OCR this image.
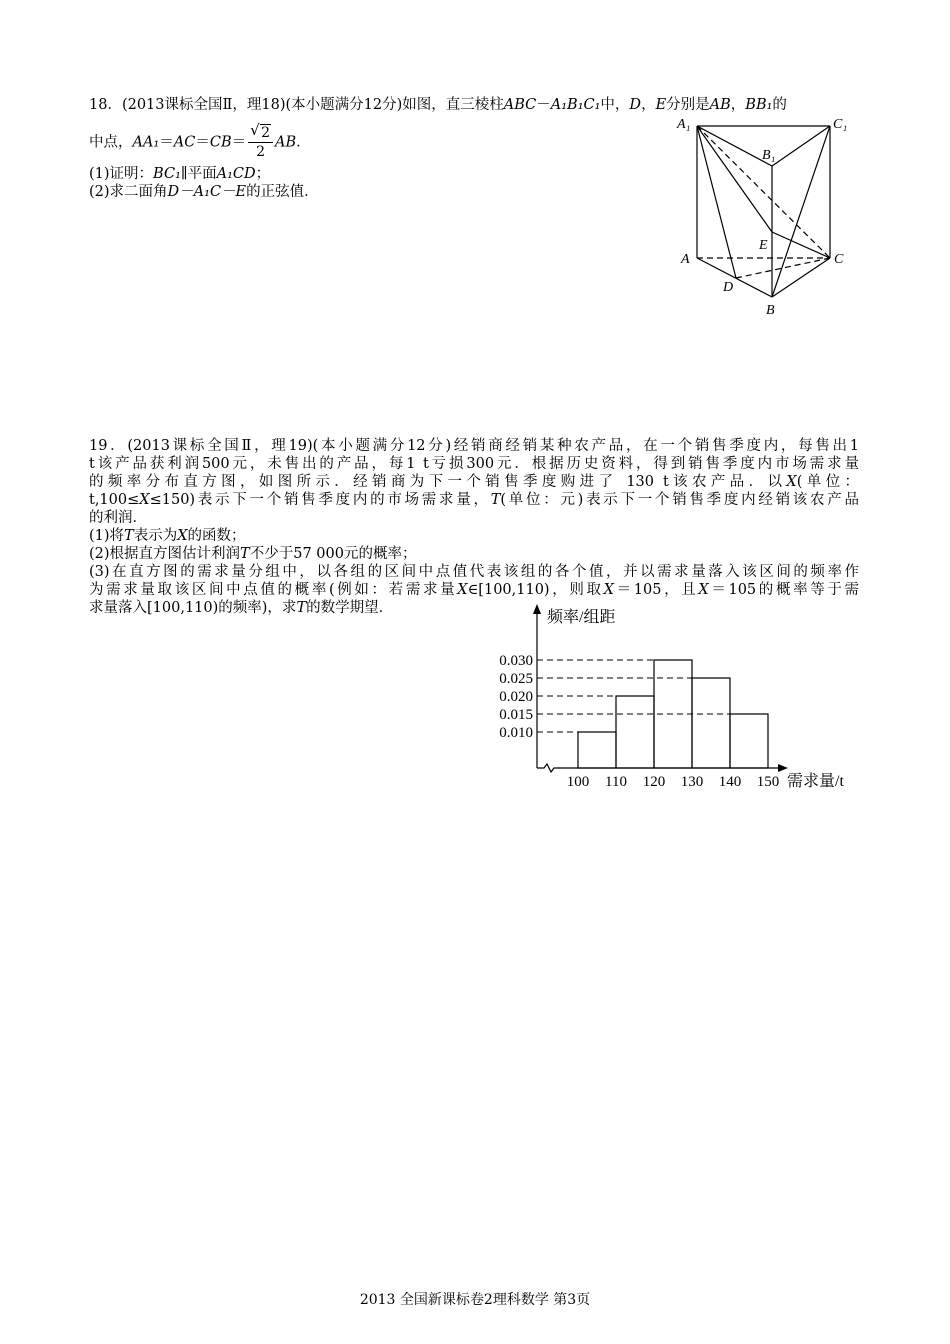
18．(2013课标全国Ⅱ，理18)(本小题满分12分)如图，直三棱柱ABC－A₁B₁C₁中，D，E分别是AB，BB₁的
中点，$AA_1=AC=CB= \frac{√ 2}{2}$ AB．
(1)证明：BC₁∥平面A₁CD；
(2)求二面角D－A₁C－E的正弦值．
A₁	C₁
B₁
E
A	C
D
B
19．(2013课标全国Ⅱ，理19)(本小题满分12分)经销商经销某种农产品，在一个销售季度内，每售出1
t该产品获利润500元，未售出的产品，每1 t亏损300元．根据历史资料，得到销售季度内市场需求量
的频率分布直方图，如图所示．经销商为下一个销售季度购进了 130 t该农产品．以X(单位：
t,100≤X≤150)表示下一个销售季度内的市场需求量，T(单位：元)表示下一个销售季度内经销该农产品
的利润．
(1)将T表示为X的函数；
(2)根据直方图估计利润T不少于57 000元的概率；
(3)在直方图的需求量分组中，以各组的区间中点值代表该组的各个值，并以需求量落入该区间的频率作
为需求量取该区间中点值的概率(例如：若需求量X∈[100,110)，则取X＝105，且X＝105的概率等于需
求量落入[100,110)的频率)，求T的数学期望．
0.030
0.025
0.020
0.015
0.010
100 110 120 130 140 150
频率/组距
需求量/t
2013 全国新课标卷2理科数学 第3页
